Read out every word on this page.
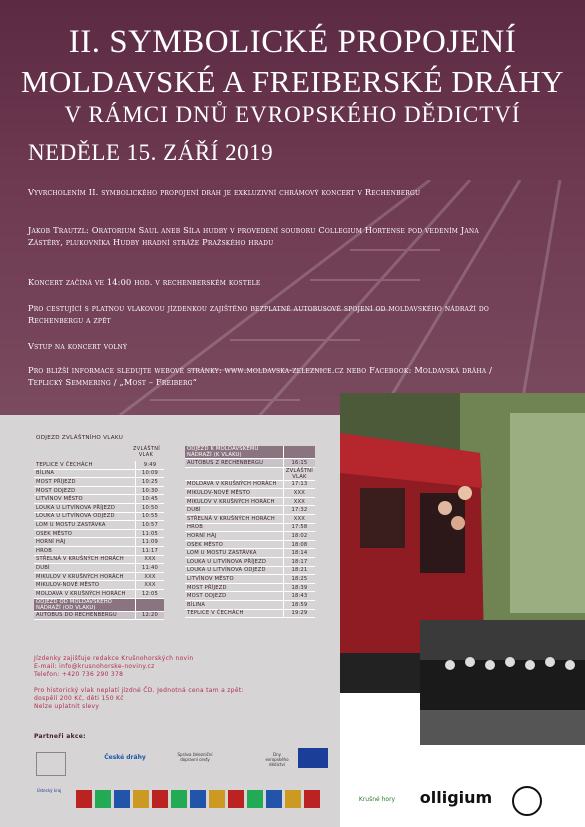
II. SYMBOLICKÉ PROPOJENÍ
MOLDAVSKÉ A FREIBERSKÉ DRÁHY
V RÁMCI DNŮ EVROPSKÉHO DĚDICTVÍ
NEDĚLE 15. ZÁŘÍ 2019
Vyvrcholením II. symbolického propojení drah je exkluzivní chrámový koncert v Rechenbergu
Jakob Trautzl: Oratorium Saul aneb Síla hudby v provedení souboru Collegium Hortense pod vedením Jana Zástěry, plukovníka Hudby hradní stráže Pražského hradu
Koncert začíná ve 14:00 hod. v rechenberském kostele
Pro cestující s platnou vlakovou jízdenkou zajištěno bezplatné autobusové spojení od moldavského nádraží do Rechenbergu a zpět
Vstup na koncert volný
Pro bližší informace sledujte webové stránky: www.moldavska-zeleznice.cz nebo Facebook: Moldavská dráha / Teplický Semmering / „Most – Freiberg“
ODJEZD ZVLÁŠTNÍHO VLAKU
ZVLÁŠTNÍ VLAK
TEPLICE V ČECHÁCH	9:49
BÍLINA	10:09
MOST PŘÍJEZD	10:25
MOST ODJEZD	10:30
LITVÍNOV MĚSTO	10:45
LOUKA U LITVÍNOVA PŘÍJEZD	10:50
LOUKA U LITVÍNOVA ODJEZD	10:55
LOM U MOSTU ZASTÁVKA	10:57
OSEK MĚSTO	11:05
HORNÍ HÁJ	11:09
HROB	11:17
STŘELNÁ V KRUŠNÝCH HORÁCH	XXX
DUBÍ	11:40
MIKULOV V KRUŠNÝCH HORÁCH	XXX
MIKULOV-NOVÉ MĚSTO	XXX
MOLDAVA V KRUŠNÝCH HORÁCH	12:05
ODJEZD OD MOLDAVSKÉHO NÁDRAŽÍ (OD VLAKU)	
AUTOBUS DO RECHENBERGU	12:20
ODJEZD K MOLDAVSKÉMU NÁDRAŽÍ (K VLAKU)	
AUTOBUS Z RECHENBERGU	16:15
	ZVLÁŠTNÍ VLAK
MOLDAVA V KRUŠNÝCH HORÁCH	17:13
MIKULOV-NOVÉ MĚSTO	XXX
MIKULOV V KRUŠNÝCH HORÁCH	XXX
DUBÍ	17:32
STŘELNÁ V KRUŠNÝCH HORÁCH	XXX
HROB	17:58
HORNÍ HÁJ	18:02
OSEK MĚSTO	18:08
LOM U MOSTU ZASTÁVKA	18:14
LOUKA U LITVÍNOVA PŘÍJEZD	18:17
LOUKA U LITVÍNOVA ODJEZD	18:21
LITVÍNOV MĚSTO	18:25
MOST PŘÍJEZD	18:39
MOST ODJEZD	18:43
BÍLINA	18:59
TEPLICE V ČECHÁCH	19:29
Jízdenky zajišťuje redakce Krušnohorských novin
E-mail: info@krusnohorske-noviny.cz
Telefon: +420 736 290 378
Pro historický vlak neplatí jízdné ČD. Jednotná cena tam a zpět:
dospělí 200 Kč, děti 150 Kč
Nelze uplatnit slevy
Partneři akce:
České dráhy	Správa železniční dopravní cesty
Dny evropského dědictví
Ústecký kraj
Krušné hory	olligium
